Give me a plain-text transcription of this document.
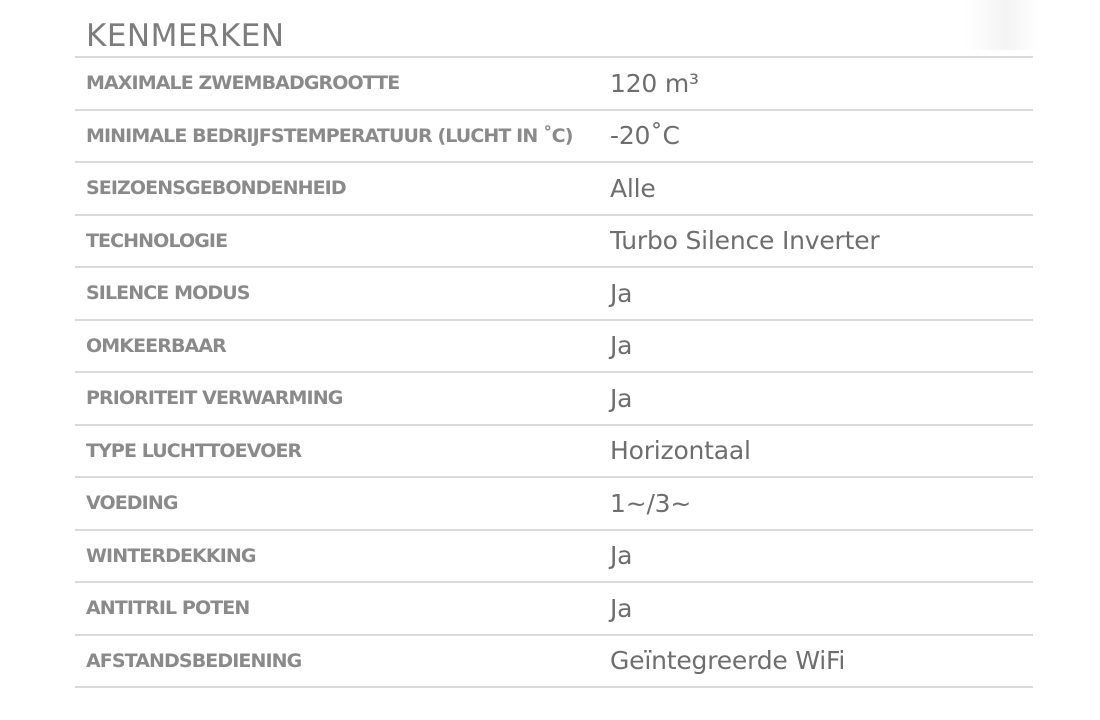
KENMERKEN
MAXIMALE ZWEMBADGROOTTE	120 m³
MINIMALE BEDRIJFSTEMPERATUUR (LUCHT IN ˚C)	-20˚C
SEIZOENSGEBONDENHEID	Alle
TECHNOLOGIE	Turbo Silence Inverter
SILENCE MODUS	Ja
OMKEERBAAR	Ja
PRIORITEIT VERWARMING	Ja
TYPE LUCHTTOEVOER	Horizontaal
VOEDING	1~/3~
WINTERDEKKING	Ja
ANTITRIL POTEN	Ja
AFSTANDSBEDIENING	Geïntegreerde WiFi
